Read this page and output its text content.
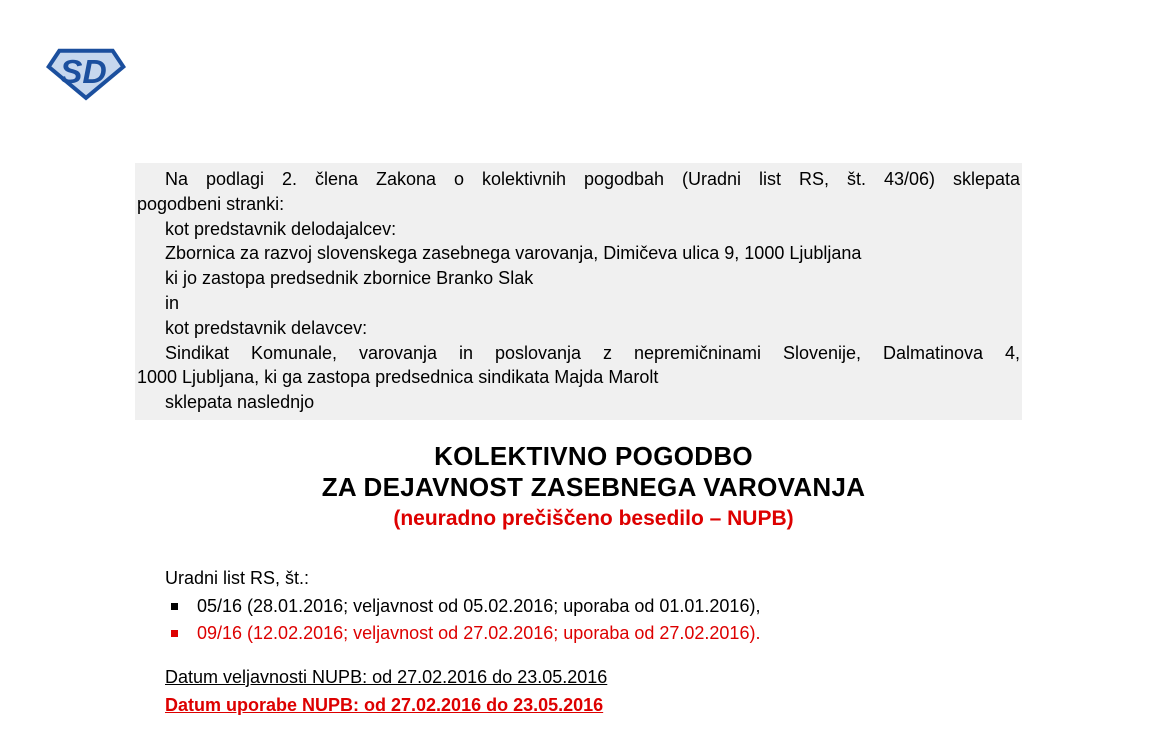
SD
Na podlagi 2. člena Zakona o kolektivnih pogodbah (Uradni list RS, št. 43/06) sklepata
pogodbeni stranki:
kot predstavnik delodajalcev:
Zbornica za razvoj slovenskega zasebnega varovanja, Dimičeva ulica 9, 1000 Ljubljana
ki jo zastopa predsednik zbornice Branko Slak
in
kot predstavnik delavcev:
Sindikat Komunale, varovanja in poslovanja z nepremičninami Slovenije, Dalmatinova 4,
1000 Ljubljana, ki ga zastopa predsednica sindikata Majda Marolt
sklepata naslednjo
KOLEKTIVNO POGODBO
ZA DEJAVNOST ZASEBNEGA VAROVANJA
(neuradno prečiščeno besedilo – NUPB)
Uradni list RS, št.:
05/16 (28.01.2016; veljavnost od 05.02.2016; uporaba od 01.01.2016),
09/16 (12.02.2016; veljavnost od 27.02.2016; uporaba od 27.02.2016).
Datum veljavnosti NUPB: od 27.02.2016 do 23.05.2016
Datum uporabe NUPB: od 27.02.2016 do 23.05.2016
